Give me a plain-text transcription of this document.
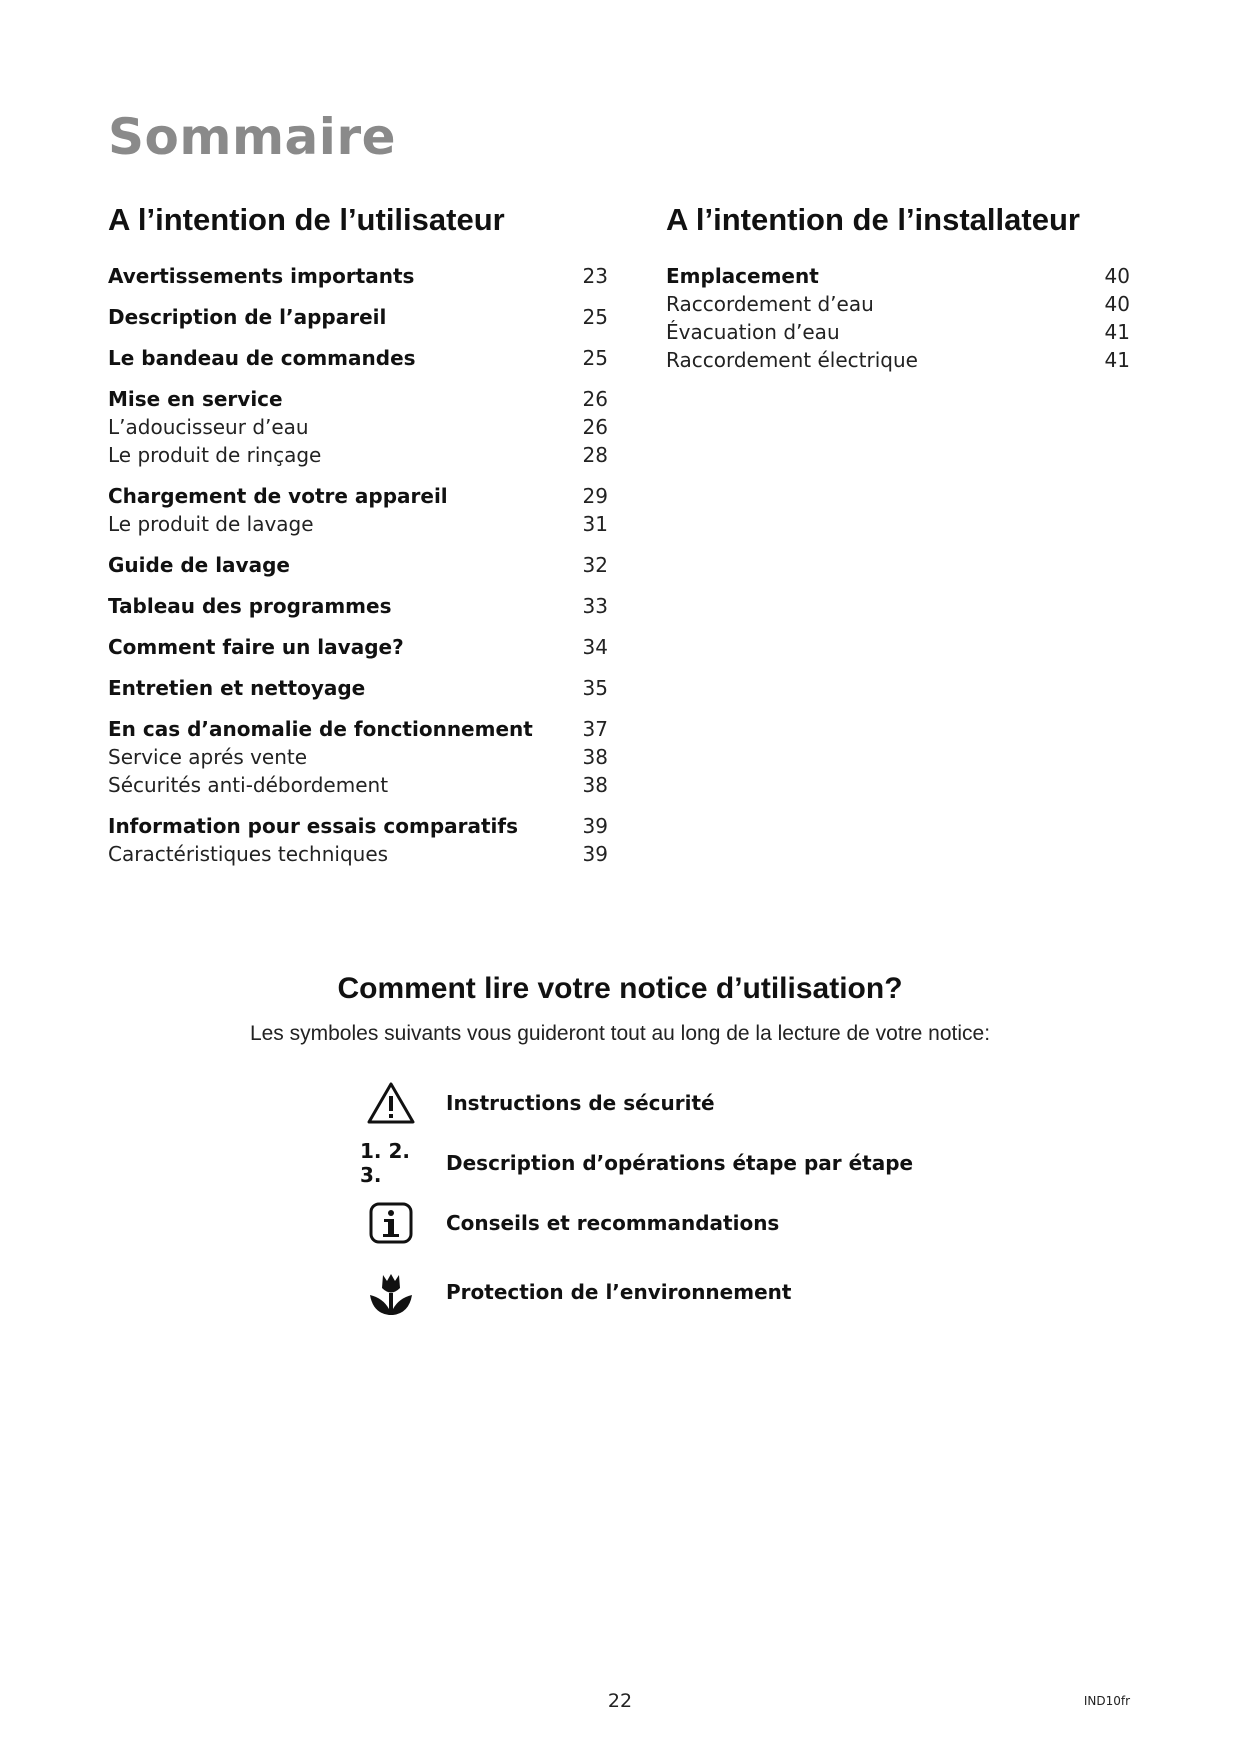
Sommaire
A l’intention de l’utilisateur
Avertissements importants	23
Description de l’appareil	25
Le bandeau de commandes	25
Mise en service	26
L’adoucisseur d’eau	26
Le produit de rinçage	28
Chargement de votre appareil	29
Le produit de lavage	31
Guide de lavage	32
Tableau des programmes	33
Comment faire un lavage?	34
Entretien et nettoyage	35
En cas d’anomalie de fonctionnement 37
Service aprés vente	38
Sécurités anti-débordement	38
Information pour essais comparatifs	39
Caractéristiques techniques	39
A l’intention de l’installateur
Emplacement	40
Raccordement d’eau	40
Évacuation d’eau	41
Raccordement électrique	41
Comment lire votre notice d’utilisation?
Les symboles suivants vous guideront tout au long de la lecture de votre notice:
Instructions de sécurité
1. 2. 3.	Description d’opérations étape par étape
Conseils et recommandations
Protection de l’environnement
22	IND10fr
